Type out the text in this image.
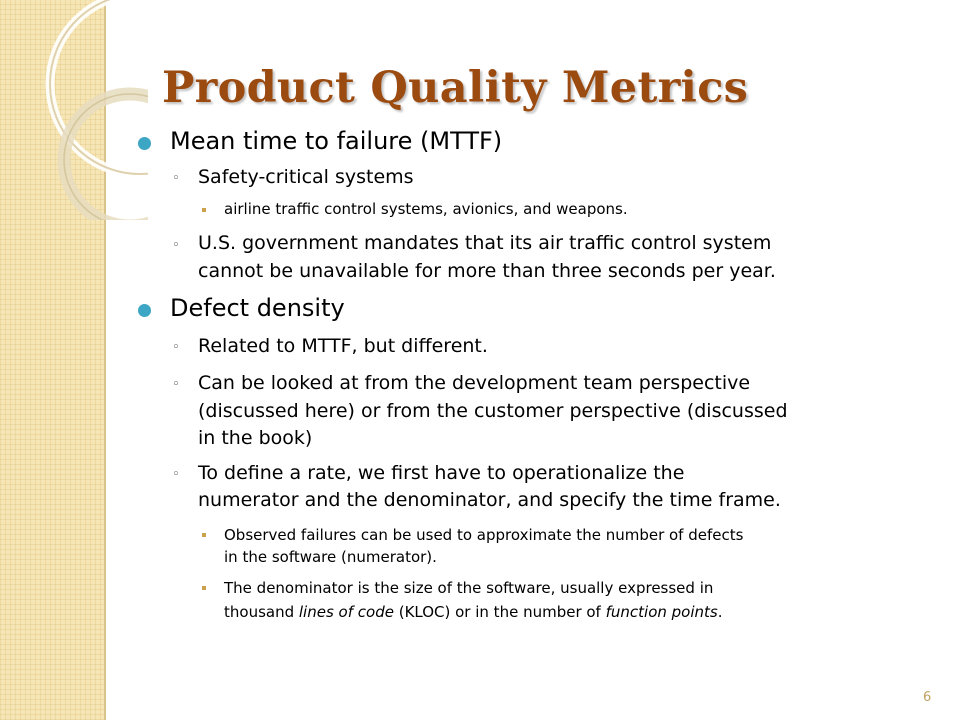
Product Quality Metrics
Mean time to failure (MTTF)
◦ Safety-critical systems
airline traffic control systems, avionics, and weapons.
◦ U.S. government mandates that its air traffic control system
cannot be unavailable for more than three seconds per year.
Defect density
◦ Related to MTTF, but different.
◦ Can be looked at from the development team perspective
(discussed here) or from the customer perspective (discussed
in the book)
◦ To define a rate, we first have to operationalize the
numerator and the denominator, and specify the time frame.
Observed failures can be used to approximate the number of defects
in the software (numerator).
The denominator is the size of the software, usually expressed in
thousand lines of code (KLOC) or in the number of function points.
6
